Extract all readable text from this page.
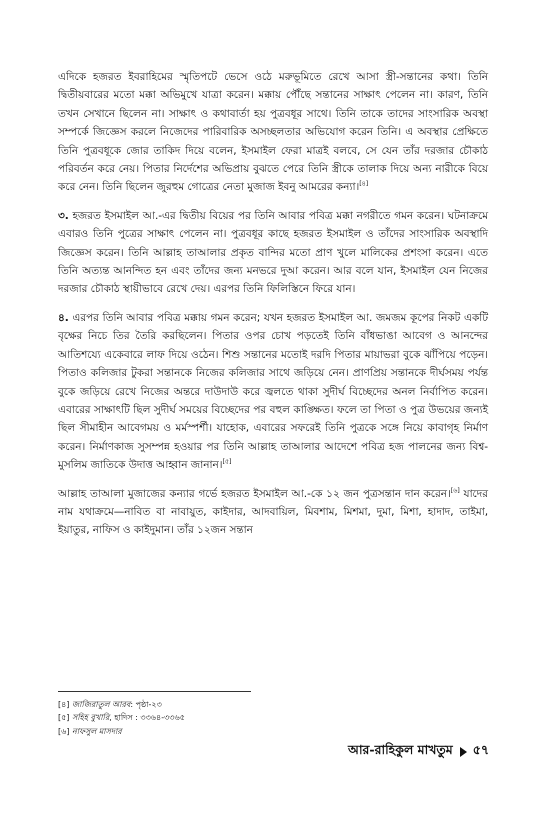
এদিকে হজরত ইবরাহিমের স্মৃতিপটে ভেসে ওঠে মরুভূমিতে রেখে আসা স্ত্রী-সন্তানের কথা। তিনি দ্বিতীয়বারের মতো মক্কা অভিমুখে যাত্রা করেন। মক্কায় পৌঁছে সন্তানের সাক্ষাৎ পেলেন না। কারণ, তিনি তখন সেখানে ছিলেন না। সাক্ষাৎ ও কথাবার্তা হয় পুত্রবধূর সাথে। তিনি তাকে তাদের সাংসারিক অবস্থা সম্পর্কে জিজ্ঞেস করলে নিজেদের পারিবারিক অসচ্ছলতার অভিযোগ করেন তিনি। এ অবস্থার প্রেক্ষিতে তিনি পুত্রবধূকে জোর তাকিদ দিয়ে বলেন, ইসমাইল ফেরা মাত্রই বলবে, সে যেন তাঁর দরজার চৌকাঠ পরিবর্তন করে নেয়। পিতার নির্দেশের অভিপ্রায় বুঝতে পেরে তিনি স্ত্রীকে তালাক দিয়ে অন্য নারীকে বিয়ে করে নেন। তিনি ছিলেন জুরহুম গোত্রের নেতা মুজাজ ইবনু আমরের কন্যা।[৪]

৩. হজরত ইসমাইল আ.-এর দ্বিতীয় বিয়ের পর তিনি আবার পবিত্র মক্কা নগরীতে গমন করেন। ঘটনাক্রমে এবারও তিনি পুত্রের সাক্ষাৎ পেলেন না। পুত্রবধূর কাছে হজরত ইসমাইল ও তাঁদের সাংসারিক অবস্থাদি জিজ্ঞেস করেন। তিনি আল্লাহ তাআলার প্রকৃত বান্দির মতো প্রাণ খুলে মালিকের প্রশংসা করেন। এতে তিনি অত্যন্ত আনন্দিত হন এবং তাঁদের জন্য মনভরে দুআ করেন। আর বলে যান, ইসমাইল যেন নিজের দরজার চৌকাঠ স্থায়ীভাবে রেখে দেয়। এরপর তিনি ফিলিস্তিনে ফিরে যান।

৪. এরপর তিনি আবার পবিত্র মক্কায় গমন করেন; যখন হজরত ইসমাইল আ. জমজম কূপের নিকট একটি বৃক্ষের নিচে তির তৈরি করছিলেন। পিতার ওপর চোখ পড়তেই তিনি বাঁধভাঙা আবেগ ও আনন্দের আতিশয্যে একেবারে লাফ দিয়ে ওঠেন। শিশু সন্তানের মতোই দরদি পিতার মায়াভরা বুকে ঝাঁপিয়ে পড়েন। পিতাও কলিজার টুকরা সন্তানকে নিজের কলিজার সাথে জড়িয়ে নেন। প্রাণপ্রিয় সন্তানকে দীর্ঘসময় পর্যন্ত বুকে জড়িয়ে রেখে নিজের অন্তরে দাউদাউ করে জ্বলতে থাকা সুদীর্ঘ বিচ্ছেদের অনল নির্বাপিত করেন। এবারের সাক্ষাৎটি ছিল সুদীর্ঘ সময়ের বিচ্ছেদের পর বহুল কাঙ্ক্ষিত। ফলে তা পিতা ও পুত্র উভয়ের জন্যই ছিল সীমাহীন আবেগময় ও মর্মস্পর্শী। যাহোক, এবারের সফরেই তিনি পুত্রকে সঙ্গে নিয়ে কাবাগৃহ নির্মাণ করেন। নির্মাণকাজ সুসম্পন্ন হওয়ার পর তিনি আল্লাহ তাআলার আদেশে পবিত্র হজ পালনের জন্য বিশ্ব-মুসলিম জাতিকে উদাত্ত আহ্বান জানান।[৫]

আল্লাহ তাআলা মুজাজের কন্যার গর্ভে হজরত ইসমাইল আ.-কে ১২ জন পুত্রসন্তান দান করেন।[৬] যাদের নাম যথাক্রমে—নাবিত বা নাবায়ুত, কাইদার, আদবায়িল, মিবশাম, মিশমা, দুমা, মিশা, হাদাদ, তাইমা, ইয়াতুর, নাফিস ও কাইদুমান। তাঁর ১২জন সন্তান

[৪] জাজিরাতুল আরব: পৃষ্ঠা-২৩

[৫] সহিহ বুখারি, হাদিস : ৩৩৬৪-৩৩৬৫

[৬] নাফসুল মাসদার

আর-রাহিকুল মাখতুম ৫৭
